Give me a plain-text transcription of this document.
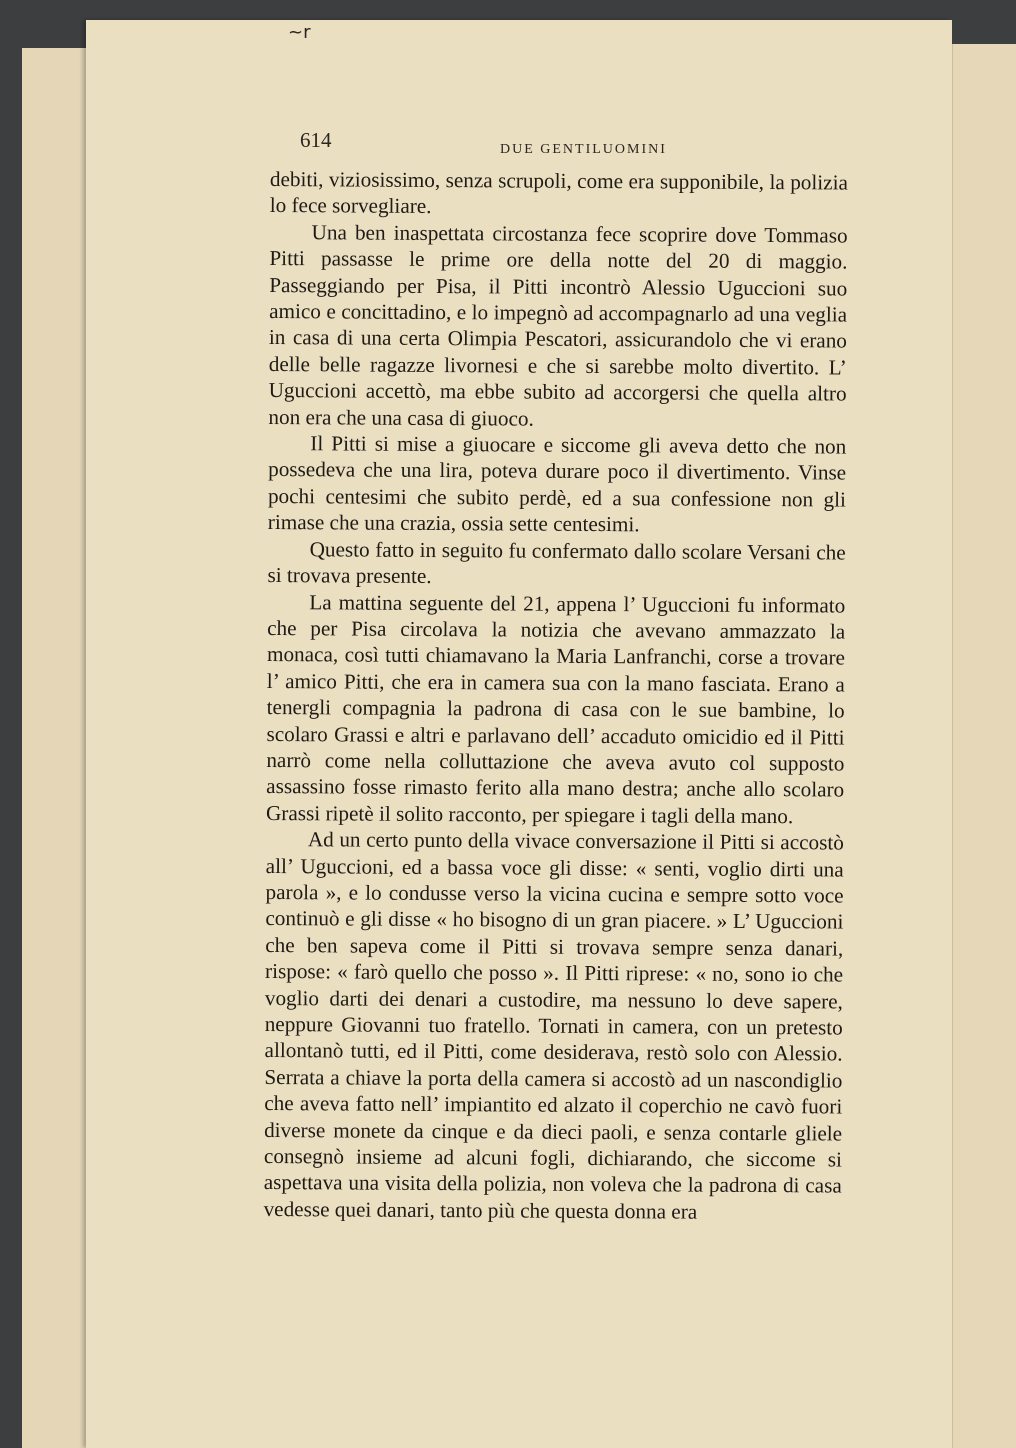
~r
614	DUE GENTILUOMINI

debiti, viziosissimo, senza scrupoli, come era supponibile, la polizia lo fece sorvegliare.

Una ben inaspettata circostanza fece scoprire dove Tommaso Pitti passasse le prime ore della notte del 20 di maggio. Passeggiando per Pisa, il Pitti incontrò Alessio Uguccioni suo amico e concittadino, e lo impegnò ad accompagnarlo ad una veglia in casa di una certa Olimpia Pescatori, assicurandolo che vi erano delle belle ragazze livornesi e che si sarebbe molto divertito. L’ Uguccioni accettò, ma ebbe subito ad accorgersi che quella altro non era che una casa di giuoco.

Il Pitti si mise a giuocare e siccome gli aveva detto che non possedeva che una lira, poteva durare poco il divertimento. Vinse pochi centesimi che subito perdè, ed a sua confessione non gli rimase che una crazia, ossia sette centesimi.

Questo fatto in seguito fu confermato dallo scolare Versani che si trovava presente.

La mattina seguente del 21, appena l’ Uguccioni fu informato che per Pisa circolava la notizia che avevano ammazzato la monaca, così tutti chiamavano la Maria Lanfranchi, corse a trovare l’ amico Pitti, che era in camera sua con la mano fasciata. Erano a tenergli compagnia la padrona di casa con le sue bambine, lo scolaro Grassi e altri e parlavano dell’ accaduto omicidio ed il Pitti narrò come nella colluttazione che aveva avuto col supposto assassino fosse rimasto ferito alla mano destra; anche allo scolaro Grassi ripetè il solito racconto, per spiegare i tagli della mano.

Ad un certo punto della vivace conversazione il Pitti si accostò all’ Uguccioni, ed a bassa voce gli disse: « senti, voglio dirti una parola », e lo condusse verso la vicina cucina e sempre sotto voce continuò e gli disse « ho bisogno di un gran piacere. » L’ Uguccioni che ben sapeva come il Pitti si trovava sempre senza danari, rispose: « farò quello che posso ». Il Pitti riprese: « no, sono io che voglio darti dei denari a custodire, ma nessuno lo deve sapere, neppure Giovanni tuo fratello. Tornati in camera, con un pretesto allontanò tutti, ed il Pitti, come desiderava, restò solo con Alessio. Serrata a chiave la porta della camera si accostò ad un nascondiglio che aveva fatto nell’ impiantito ed alzato il coperchio ne cavò fuori diverse monete da cinque e da dieci paoli, e senza contarle gliele consegnò insieme ad alcuni fogli, dichiarando, che siccome si aspettava una visita della polizia, non voleva che la padrona di casa vedesse quei danari, tanto più che questa donna era
